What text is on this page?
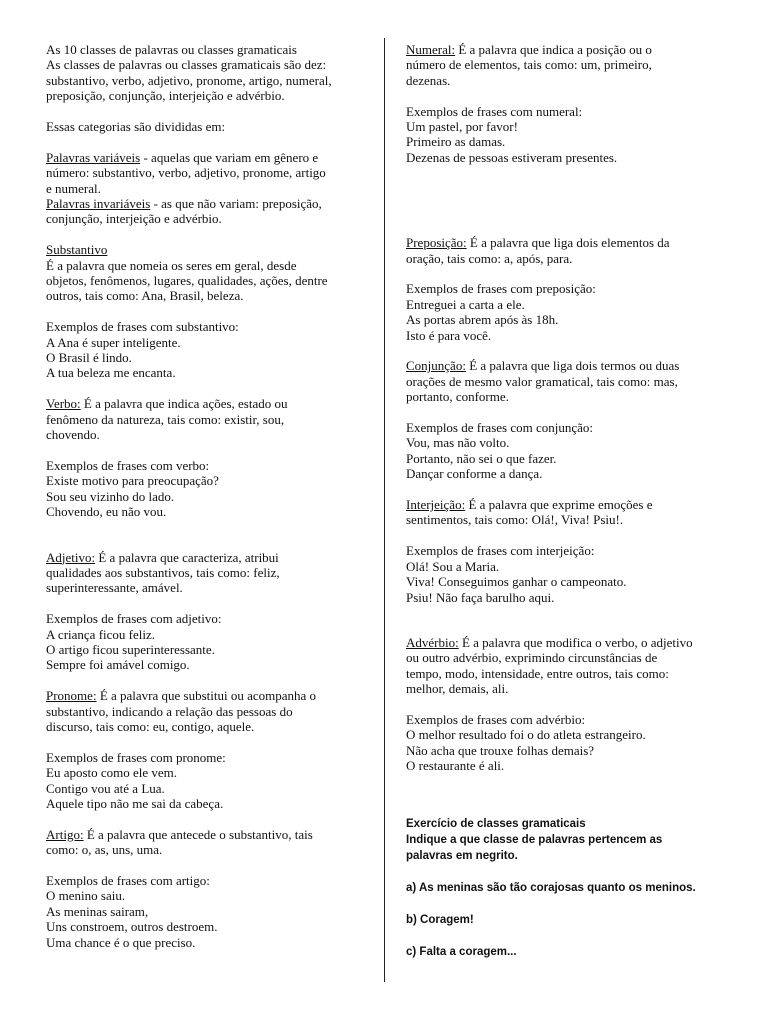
As 10 classes de palavras ou classes gramaticais
As classes de palavras ou classes gramaticais são dez:
substantivo, verbo, adjetivo, pronome, artigo, numeral,
preposição, conjunção, interjeição e advérbio.
Essas categorias são divididas em:
Palavras variáveis - aquelas que variam em gênero e
número: substantivo, verbo, adjetivo, pronome, artigo
e numeral.
Palavras invariáveis - as que não variam: preposição,
conjunção, interjeição e advérbio.
Substantivo
É a palavra que nomeia os seres em geral, desde
objetos, fenômenos, lugares, qualidades, ações, dentre
outros, tais como: Ana, Brasil, beleza.
Exemplos de frases com substantivo:
A Ana é super inteligente.
O Brasil é lindo.
A tua beleza me encanta.
Verbo: É a palavra que indica ações, estado ou
fenômeno da natureza, tais como: existir, sou,
chovendo.
Exemplos de frases com verbo:
Existe motivo para preocupação?
Sou seu vizinho do lado.
Chovendo, eu não vou.
Adjetivo: É a palavra que caracteriza, atribui
qualidades aos substantivos, tais como: feliz,
superinteressante, amável.
Exemplos de frases com adjetivo:
A criança ficou feliz.
O artigo ficou superinteressante.
Sempre foi amável comigo.
Pronome: É a palavra que substitui ou acompanha o
substantivo, indicando a relação das pessoas do
discurso, tais como: eu, contigo, aquele.
Exemplos de frases com pronome:
Eu aposto como ele vem.
Contigo vou até a Lua.
Aquele tipo não me sai da cabeça.
Artigo: É a palavra que antecede o substantivo, tais
como: o, as, uns, uma.
Exemplos de frases com artigo:
O menino saiu.
As meninas sairam,
Uns constroem, outros destroem.
Uma chance é o que preciso.
Numeral: É a palavra que indica a posição ou o
número de elementos, tais como: um, primeiro,
dezenas.
Exemplos de frases com numeral:
Um pastel, por favor!
Primeiro as damas.
Dezenas de pessoas estiveram presentes.
Preposição: É a palavra que liga dois elementos da
oração, tais como: a, após, para.
Exemplos de frases com preposição:
Entreguei a carta a ele.
As portas abrem após às 18h.
Isto é para você.
Conjunção: É a palavra que liga dois termos ou duas
orações de mesmo valor gramatical, tais como: mas,
portanto, conforme.
Exemplos de frases com conjunção:
Vou, mas não volto.
Portanto, não sei o que fazer.
Dançar conforme a dança.
Interjeição: É a palavra que exprime emoções e
sentimentos, tais como: Olá!, Viva! Psiu!.
Exemplos de frases com interjeição:
Olá! Sou a Maria.
Viva! Conseguimos ganhar o campeonato.
Psiu! Não faça barulho aqui.
Advérbio: É a palavra que modifica o verbo, o adjetivo
ou outro advérbio, exprimindo circunstâncias de
tempo, modo, intensidade, entre outros, tais como:
melhor, demais, ali.
Exemplos de frases com advérbio:
O melhor resultado foi o do atleta estrangeiro.
Não acha que trouxe folhas demais?
O restaurante é ali.
Exercício de classes gramaticais
Indique a que classe de palavras pertencem as
palavras em negrito.
a) As meninas são tão corajosas quanto os meninos.
b) Coragem!
c) Falta a coragem...
